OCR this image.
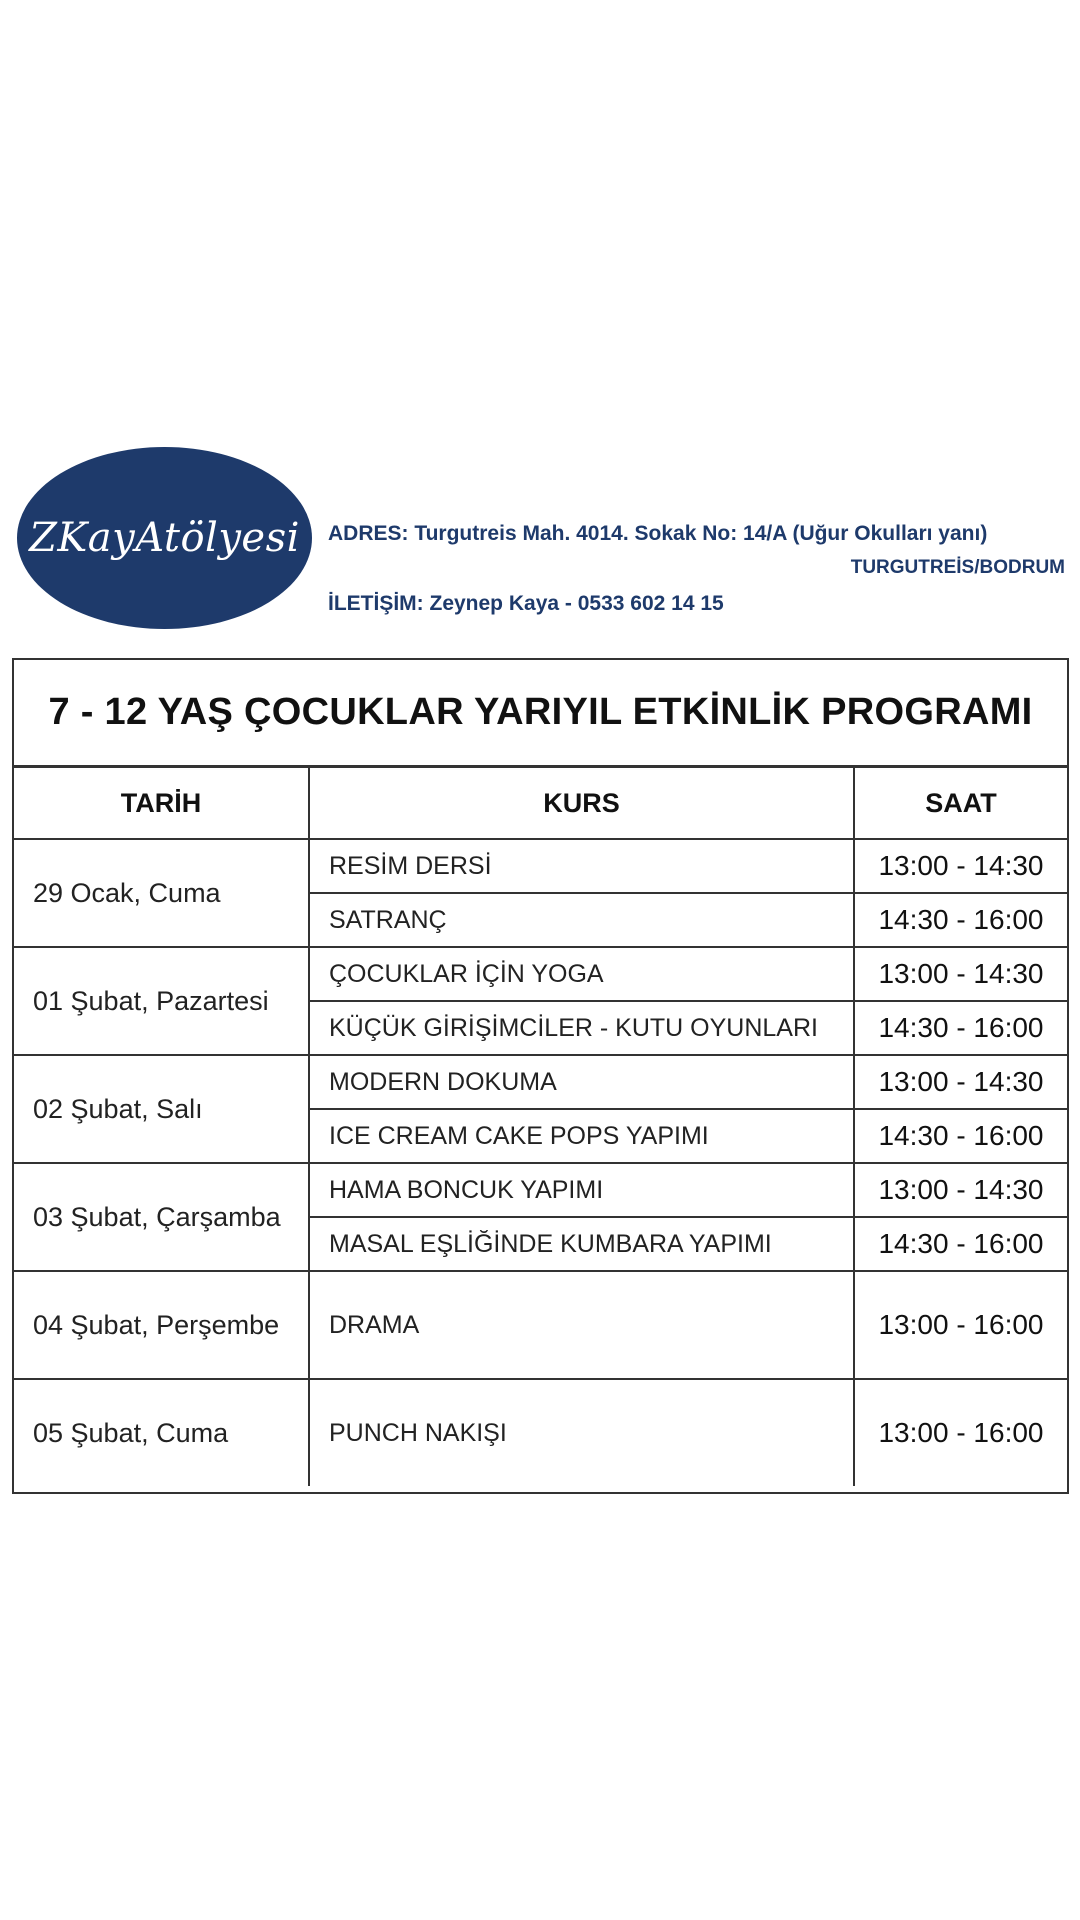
ZKayAtölyesi ADRES: Turgutreis Mah. 4014. Sokak No: 14/A (Uğur Okulları yanı)
TURGUTREİS/BODRUM
İLETİŞİM: Zeynep Kaya - 0533 602 14 15
7 - 12 YAŞ ÇOCUKLAR YARIYIL ETKİNLİK PROGRAMI
TARİH	KURS	SAAT
29 Ocak, Cuma	RESİM DERSİ	13:00 - 14:30
	SATRANÇ	14:30 - 16:00
01 Şubat, Pazartesi	ÇOCUKLAR İÇİN YOGA	13:00 - 14:30
	KÜÇÜK GİRİŞİMCİLER - KUTU OYUNLARI	14:30 - 16:00
02 Şubat, Salı	MODERN DOKUMA	13:00 - 14:30
	ICE CREAM CAKE POPS YAPIMI	14:30 - 16:00
03 Şubat, Çarşamba	HAMA BONCUK YAPIMI	13:00 - 14:30
	MASAL EŞLİĞİNDE KUMBARA YAPIMI	14:30 - 16:00
04 Şubat, Perşembe	DRAMA	13:00 - 16:00
05 Şubat, Cuma	PUNCH NAKIŞI	13:00 - 16:00
